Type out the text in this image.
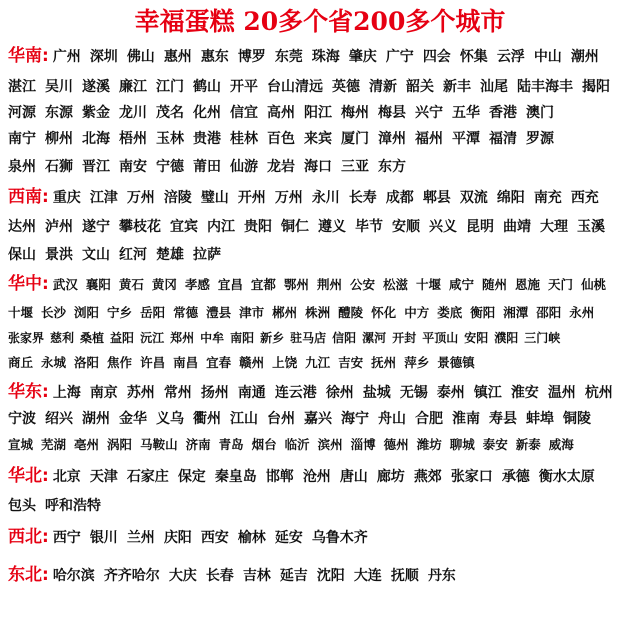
幸福蛋糕 20多个省200多个城市
华南: 广州 深圳 佛山 惠州 惠东 博罗 东莞 珠海 肇庆 广宁 四会 怀集 云浮 中山 潮州
湛江 吴川 遂溪 廉江 江门 鹤山 开平 台山清远 英德 清新 韶关 新丰 汕尾 陆丰海丰 揭阳
河源 东源 紫金 龙川 茂名 化州 信宜 高州 阳江 梅州 梅县 兴宁 五华 香港 澳门
南宁 柳州 北海 梧州 玉林 贵港 桂林 百色 来宾 厦门 漳州 福州 平潭 福清 罗源
泉州 石狮 晋江 南安 宁德 莆田 仙游 龙岩 海口 三亚 东方
西南: 重庆 江津 万州 涪陵 璧山 开州 万州 永川 长寿 成都 郫县 双流 绵阳 南充 西充
达州 泸州 遂宁 攀枝花 宜宾 内江 贵阳 铜仁 遵义 毕节 安顺 兴义 昆明 曲靖 大理 玉溪
保山 景洪 文山 红河 楚雄 拉萨
华中: 武汉 襄阳 黄石 黄冈 孝感 宜昌 宜都 鄂州 荆州 公安 松滋 十堰 咸宁 随州 恩施 天门 仙桃
十堰 长沙 浏阳 宁乡 岳阳 常德 澧县 津市 郴州 株洲 醴陵 怀化 中方 娄底 衡阳 湘潭 邵阳 永州
张家界 慈利 桑植 益阳 沅江 郑州 中牟 南阳 新乡 驻马店 信阳 漯河 开封 平顶山 安阳 濮阳 三门峡
商丘 永城 洛阳 焦作 许昌 南昌 宜春 赣州 上饶 九江 吉安 抚州 萍乡 景德镇
华东: 上海 南京 苏州 常州 扬州 南通 连云港 徐州 盐城 无锡 泰州 镇江 淮安 温州 杭州
宁波 绍兴 湖州 金华 义乌 衢州 江山 台州 嘉兴 海宁 舟山 合肥 淮南 寿县 蚌埠 铜陵
宣城 芜湖 亳州 涡阳 马鞍山 济南 青岛 烟台 临沂 滨州 淄博 德州 潍坊 聊城 泰安 新泰 威海
华北: 北京 天津 石家庄 保定 秦皇岛 邯郸 沧州 唐山 廊坊 燕郊 张家口 承德 衡水太原
包头 呼和浩特
西北: 西宁 银川 兰州 庆阳 西安 榆林 延安 乌鲁木齐
东北: 哈尔滨 齐齐哈尔 大庆 长春 吉林 延吉 沈阳 大连 抚顺 丹东
